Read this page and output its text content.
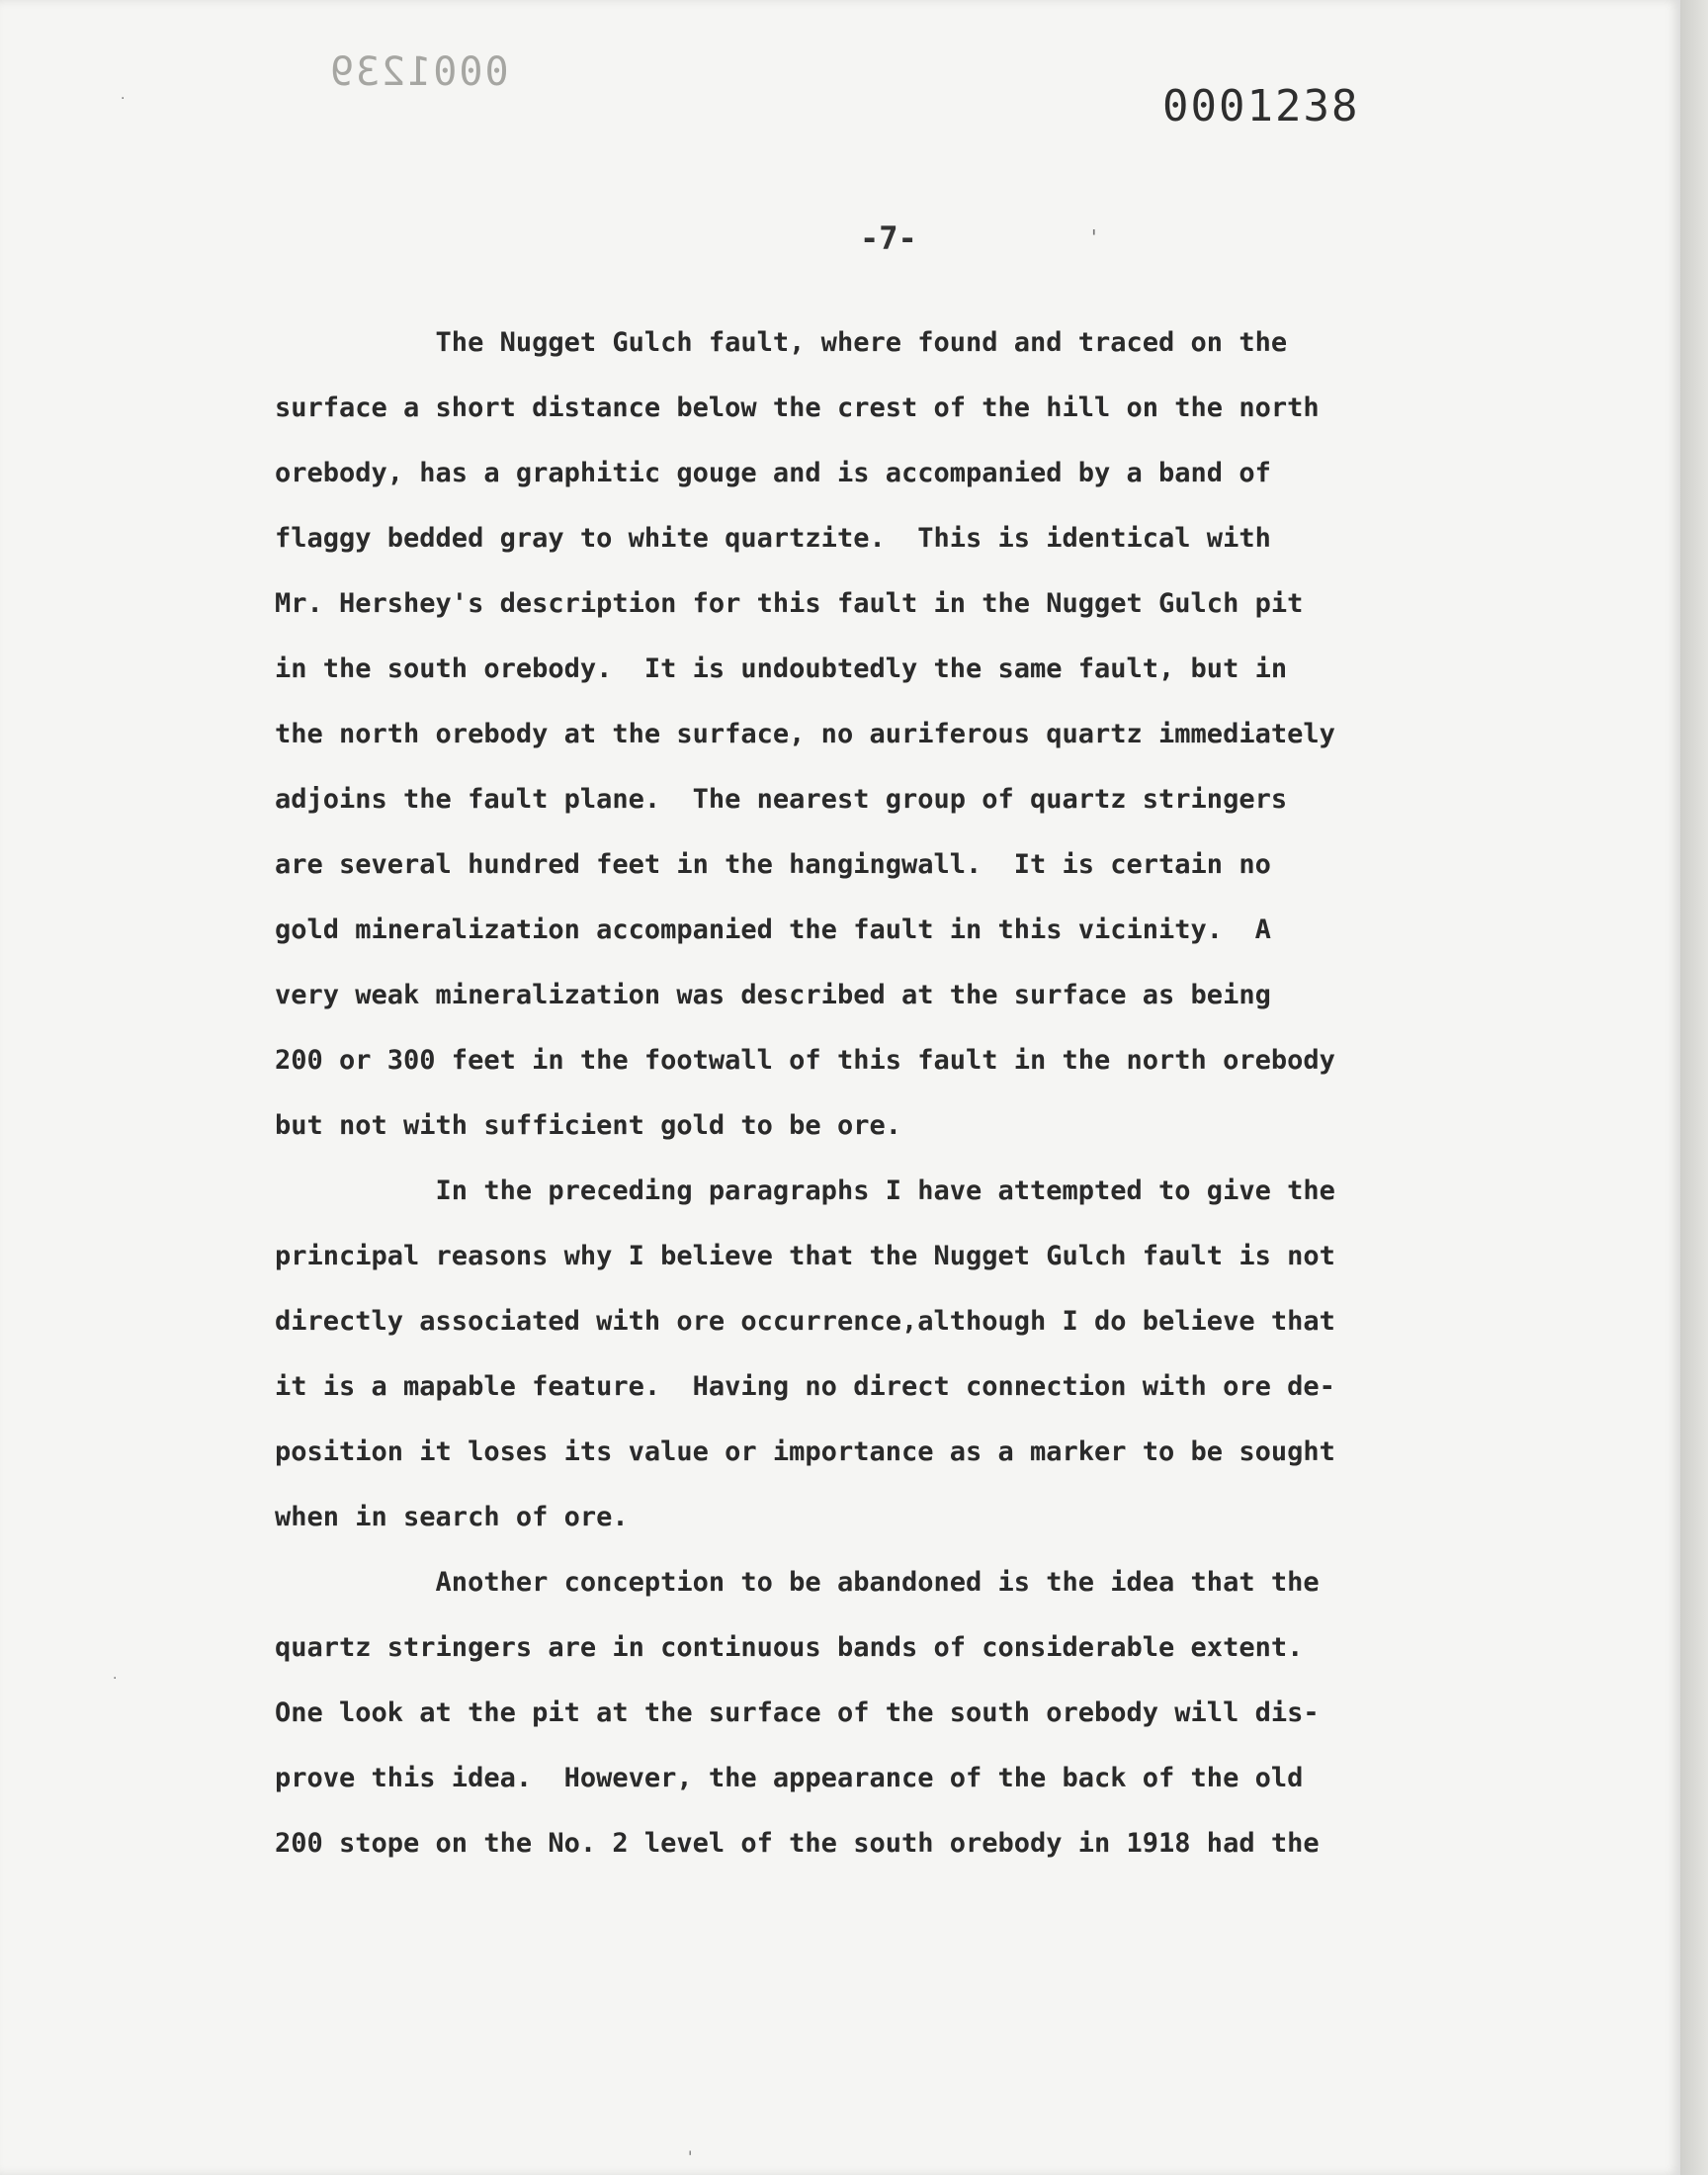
0001239
0001238
-7-	'
·
'
·
The Nugget Gulch fault, where found and traced on the
surface a short distance below the crest of the hill on the north
orebody, has a graphitic gouge and is accompanied by a band of
flaggy bedded gray to white quartzite.  This is identical with
Mr. Hershey's description for this fault in the Nugget Gulch pit
in the south orebody.  It is undoubtedly the same fault, but in
the north orebody at the surface, no auriferous quartz immediately
adjoins the fault plane.  The nearest group of quartz stringers
are several hundred feet in the hangingwall.  It is certain no
gold mineralization accompanied the fault in this vicinity.  A
very weak mineralization was described at the surface as being
200 or 300 feet in the footwall of this fault in the north orebody
but not with sufficient gold to be ore.
In the preceding paragraphs I have attempted to give the
principal reasons why I believe that the Nugget Gulch fault is not
directly associated with ore occurrence,although I do believe that
it is a mapable feature.  Having no direct connection with ore de-
position it loses its value or importance as a marker to be sought
when in search of ore.
Another conception to be abandoned is the idea that the
quartz stringers are in continuous bands of considerable extent.
One look at the pit at the surface of the south orebody will dis-
prove this idea.  However, the appearance of the back of the old
200 stope on the No. 2 level of the south orebody in 1918 had the
